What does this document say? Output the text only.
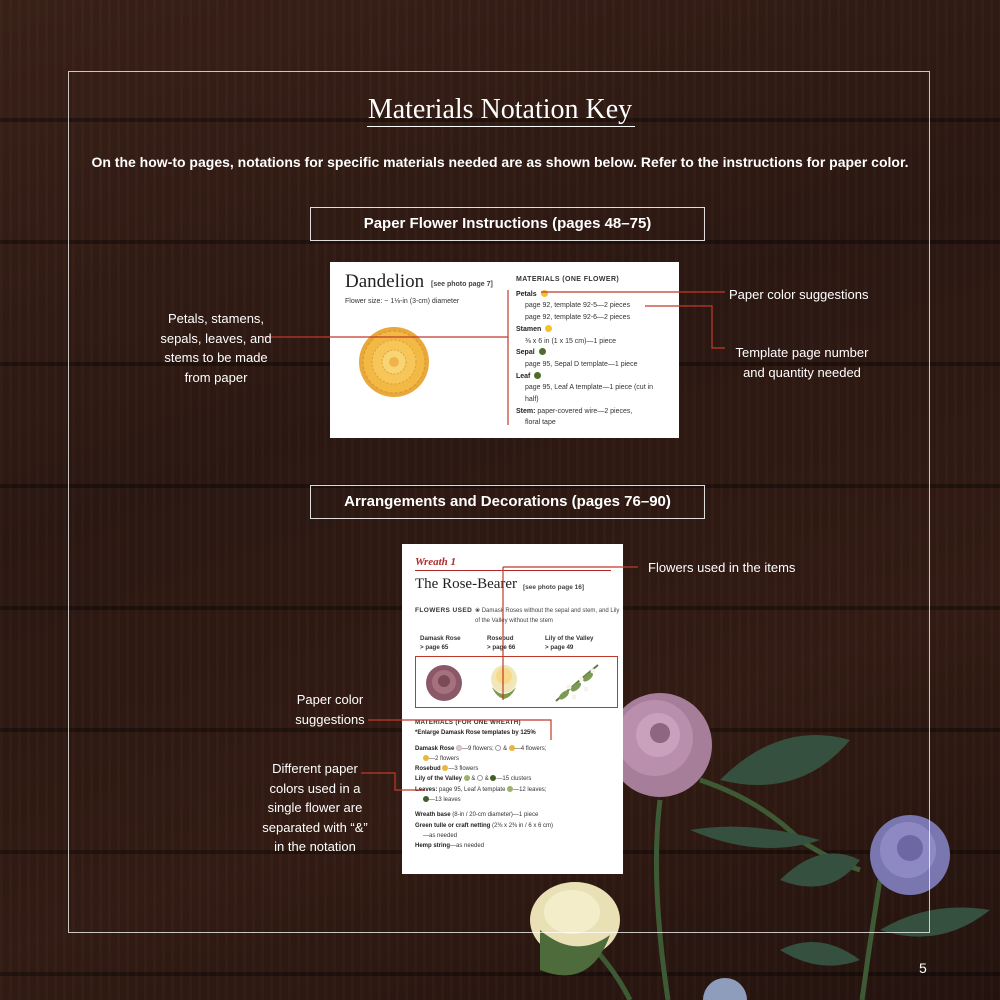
Materials Notation Key
On the how-to pages, notations for specific materials needed are as shown below. Refer to the instructions for paper color.
Paper Flower Instructions (pages 48–75)
Arrangements and Decorations (pages 76–90)
Dandelion [see photo page 7]
Flower size: ~ 1⅛-in (3-cm) diameter
MATERIALS (ONE FLOWER)
Petals
page 92, template 92-5—2 pieces
page 92, template 92-6—2 pieces
Stamen
⅜ x 6 in (1 x 15 cm)—1 piece
Sepal
page 95, Sepal D template—1 piece
Leaf
page 95, Leaf A template—1 piece (cut in
half)
Stem: paper-covered wire—2 pieces,
floral tape
Wreath 1
The Rose-Bearer [see photo page 16]
FLOWERS USED ❀ Damask Roses without the sepal and stem, and Lily of the Valley without the stem
Damask Rose
> page 65
Rosebud
> page 66
Lily of the Valley
> page 49
MATERIALS (FOR ONE WREATH)
*Enlarge Damask Rose templates by 125%
Damask Rose —9 flowers; & —4 flowers;
—2 flowers
Rosebud —3 flowers
Lily of the Valley & & —15 clusters
Leaves: page 95, Leaf A template —12 leaves;
—13 leaves
Wreath base (8-in / 20-cm diameter)—1 piece
Green tulle or craft netting (2⅜ x 2⅜ in / 6 x 6 cm)
—as needed
Hemp string—as needed
Petals, stamens,
sepals, leaves, and
stems to be made
from paper
Paper color suggestions
Template page number
and quantity needed
Flowers used in the items
Paper color
suggestions
Different paper
colors used in a
single flower are
separated with “&”
in the notation
5
